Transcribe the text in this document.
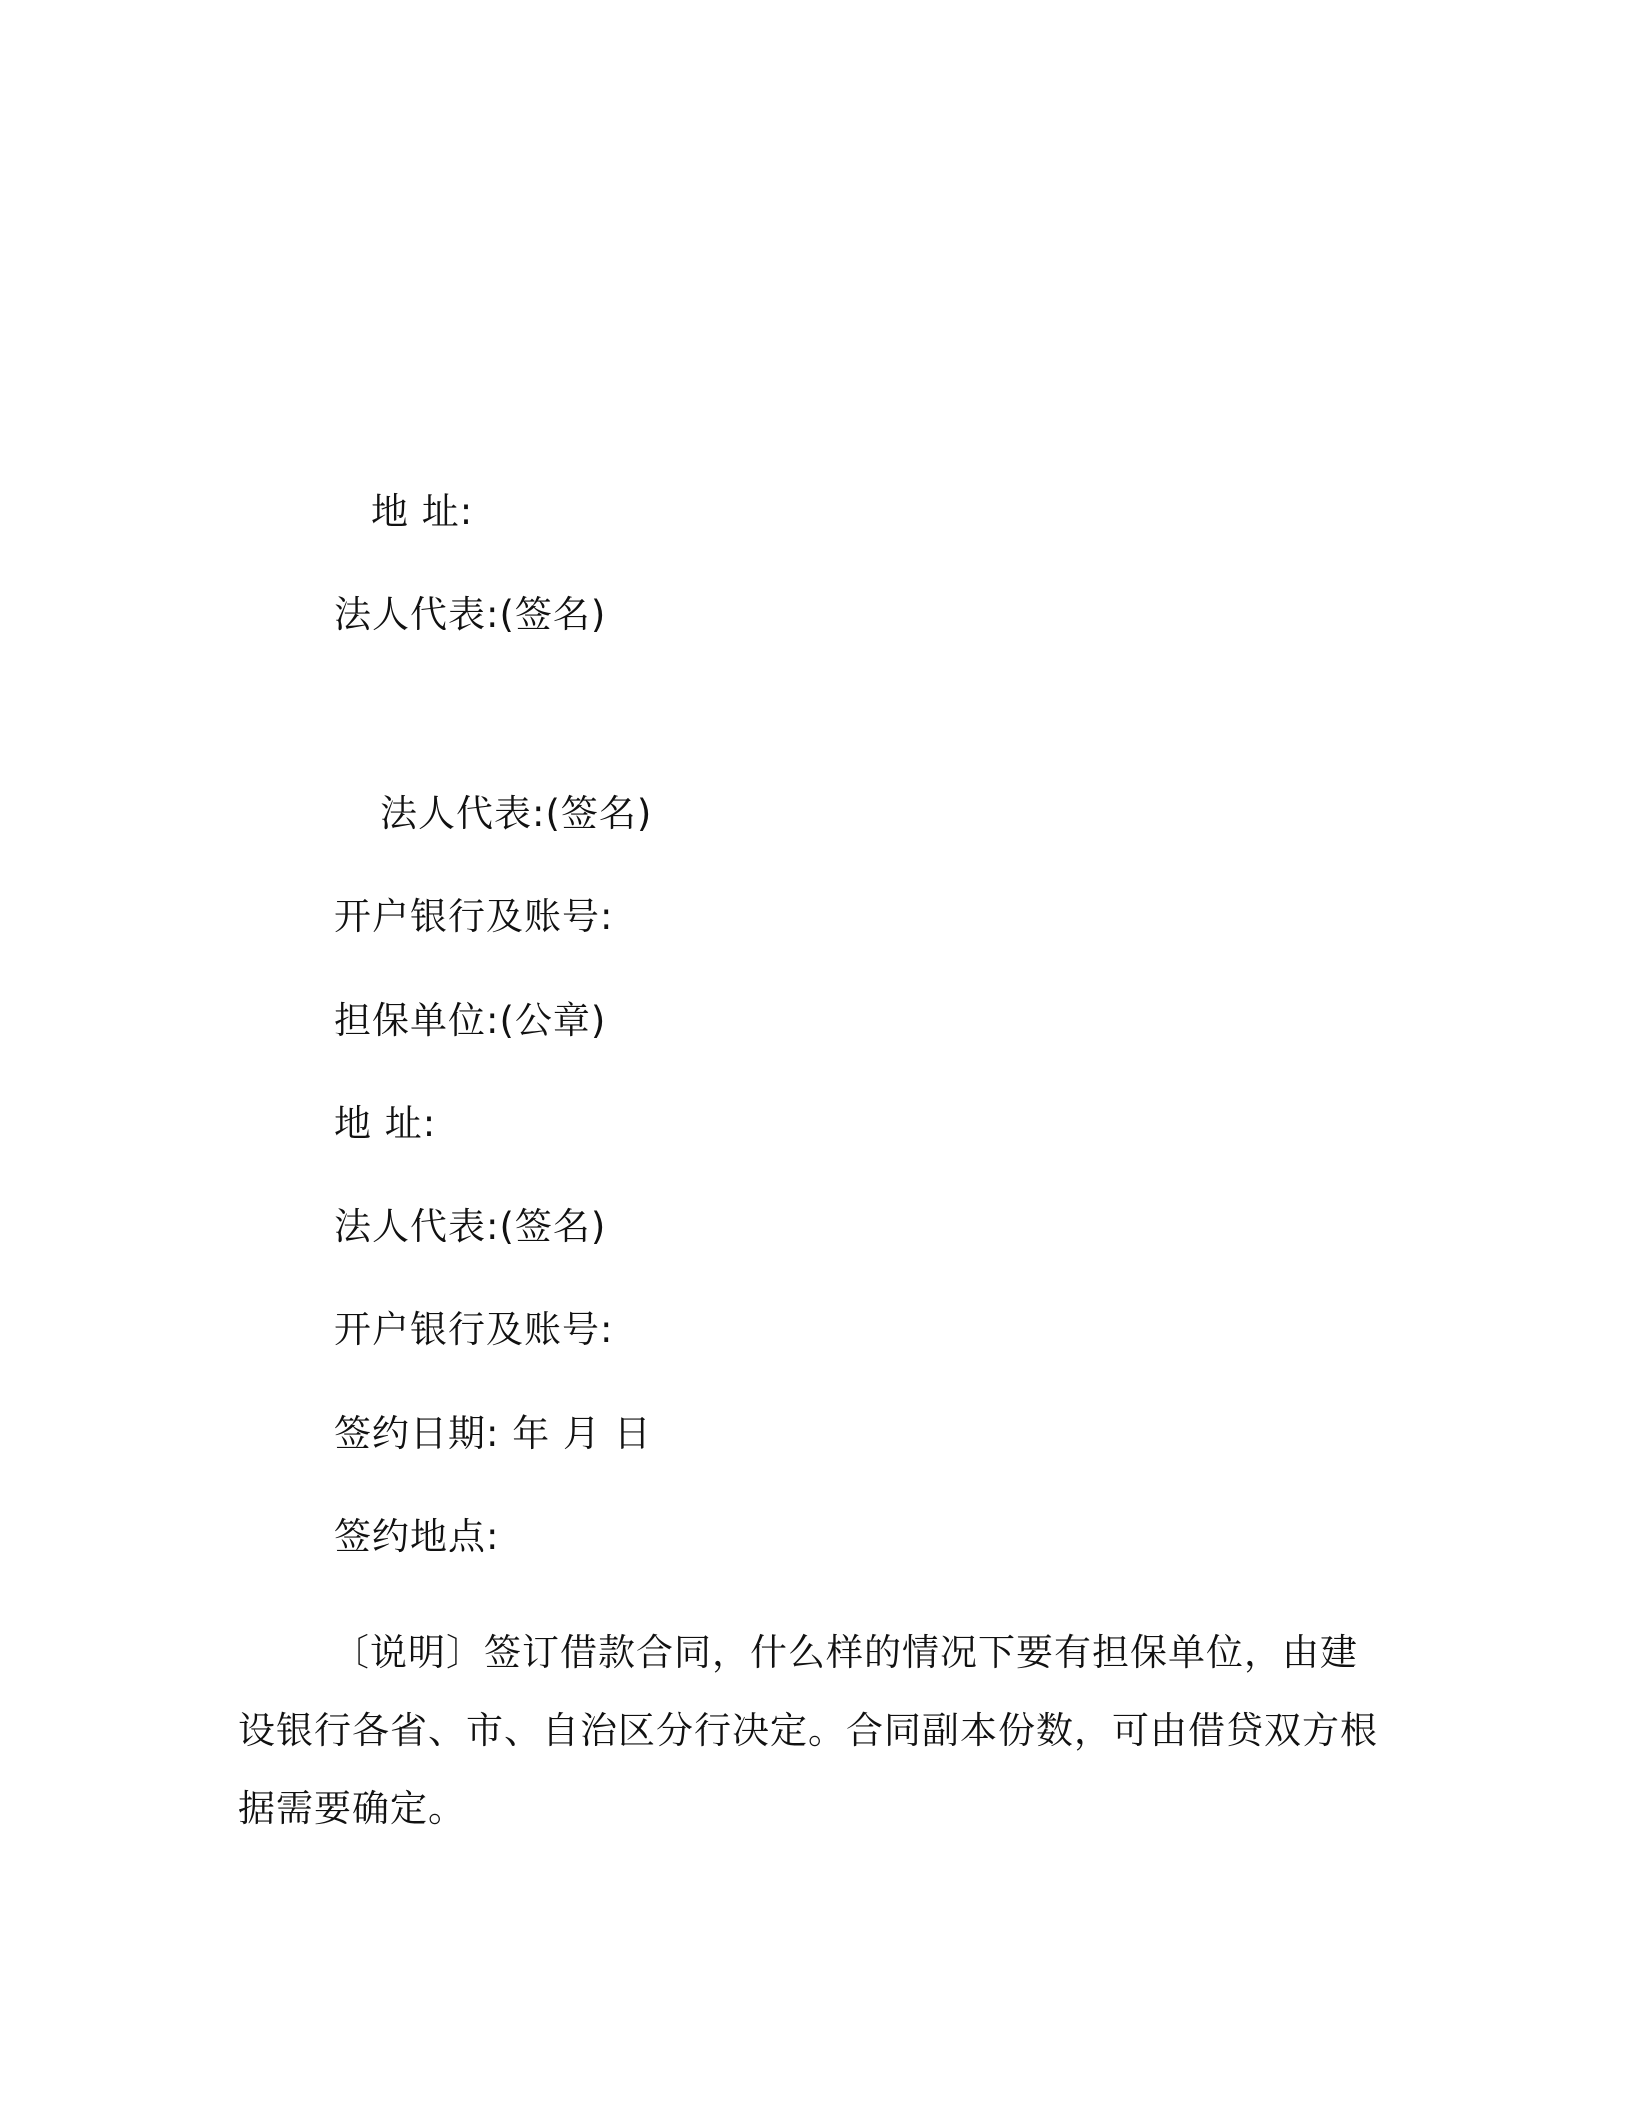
地 址:
法人代表:(签名)
法人代表:(签名)
开户银行及账号:
担保单位:(公章)
地 址:
法人代表:(签名)
开户银行及账号:
签约日期: 年 月 日
签约地点:
〔说明〕签订借款合同，什么样的情况下要有担保单位，由建设银行各省、市、自治区分行决定。合同副本份数，可由借贷双方根据需要确定。
